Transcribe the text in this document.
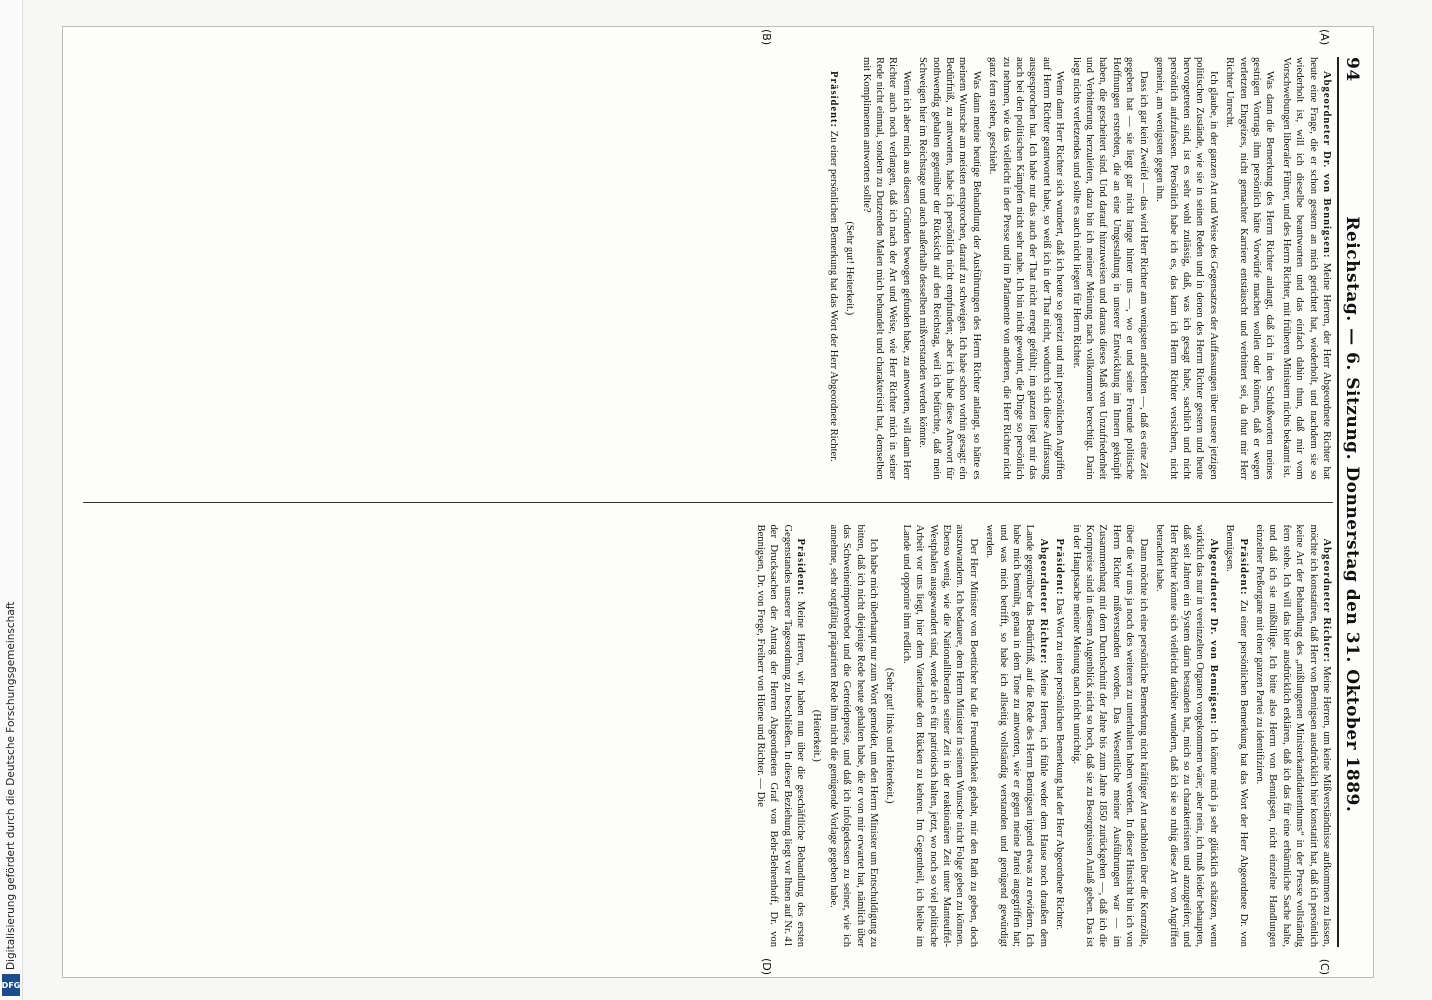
Digitalisierung gefördert durch die Deutsche Forschungsgemeinschaft
DFG
94
Reichstag. — 6. Sitzung. Donnerstag den 31. Oktober 1889.
(A)
(B)

Abgeordneter Dr. von Bennigsen: Meine Herren, der Herr Abgeordnete Richter hat heute eine Frage, die er schon gestern an mich gerichtet hat, wiederholt, und nachdem sie so wiederholt ist, will ich dieselbe beantworten und das einfach dahin thun, daß mir vom Vorschwebungen liberaler Führer, und des Herrn Richter, mit früheren Ministern nichts bekannt ist.

Was dann die Bemerkung des Herrn Richter anlangt, daß ich in den Schlußworten meines gestrigen Vortrags ihm persönlich hätte Vorwürfe machen wollen oder können, daß er wegen verletzten Ehrgeizes, nicht gemachter Karriere entstäuscht und verbittert sei, da thut mir Herr Richter Unrecht.

Ich glaube, in der ganzen Art und Weise des Gegensatzes der Auffassungen über unsere jetzigen politischen Zustände, wie sie in seinen Reden und in denen des Herrn Richter gestern und heute hervorgetreten sind, ist es sehr wohl zulässig, daß, was ich gesagt habe, sachlich und nicht persönlich aufzufassen. Persönlich habe ich es, das kann ich Herrn Richter versichern, nicht gemeint, am wenigsten gegen ihn.

Dass ich gar kein Zweifel — das wird Herr Richter am wenigsten anfechten —, daß es eine Zeit gegeben hat — sie liegt gar nicht lange hinter uns —, wo er und seine Freunde politische Hoffnungen erstrebten, die an eine Umgestaltung in unserer Entwicklung im Innern geknüpft haben, die gescheitert sind. Und darauf hinzuweisen und daraus dieses Maß von Unzufriedenheit und Verbitterung herzuleiten, dazu bin ich meiner Meinung nach vollkommen berechtigt. Darin liegt nichts verletzendes und sollte es auch nicht liegen für Herrn Richter.

Wenn dann Herr Richter sich wundert, daß ich heute so gereizt und mit persönlichen Angriffen auf Herrn Richter geantwortet habe, so weiß ich in der That nicht, wodurch sich diese Auffassung ausgesprochen hat. Ich habe nur das auch der That nicht erregt gefühlt; im ganzen liegt mir das auch bei den politischen Kämpfen nicht sehr nahe. Ich bin nicht gewohnt, die Dinge so persönlich zu nehmen, wie das vielleicht in der Presse und im Parlamente von anderen, die Herr Richter nicht ganz fern stehen, geschieht.

Was dann meine heutige Behandlung der Ausführungen des Herrn Richter anlangt, so hätte es meinem Wunsche am meisten entsprochen, darauf zu schweigen. Ich habe schon vorhin gesagt: ein Bedürfniß, zu antworten, habe ich persönlich nicht empfunden; aber ich habe diese Antwort für nothwendig gehalten gegenüber der Rücksicht auf den Reichstag, weil ich befürchte, daß mein Schweigen hier im Reichstage und auch außerhalb desselben mißverstanden werden könnte.

Wenn ich aber mich aus diesen Gründen bewogen gefunden habe, zu antworten, will dann Herr Richter auch noch verlangen, daß ich nach der Art und Weise, wie Herr Richter mich in seiner Rede nicht einmal, sondern zu Dutzenden Malen mich behandelt und charakterisirt hat, demselben mit Komplimenten antworten sollte?

(Sehr gut! Heiterkeit.)

Präsident: Zu einer persönlichen Bemerkung hat das Wort der Herr Abgeordnete Richter.

(C)
(D)

Abgeordneter Richter: Meine Herren, um keine Mißverständnisse aufkommen zu lassen, möchte ich konstatiren, daß Herr von Bennigsen ausdrücklich hier konstatirt hat, daß ich persönlich keine Art der Behandlung des „mißlungenen Ministerkandidatenthums“ in der Presse vollständig fern stehe. Ich will das hier ausdrücklich erklären, daß ich das für eine erbärmliche Sache halte, und daß ich sie mißbillige. Ich bitte also Herrn von Bennigsen, nicht einzelne Handlungen einzelner Preßorgane mit einer ganzen Partei zu identifiziren.

Präsident: Zu einer persönlichen Bemerkung hat das Wort der Herr Abgeordnete Dr. von Bennigsen.

Abgeordneter Dr. von Bennigsen: Ich könnte mich ja sehr glücklich schätzen, wenn wirklich das nur in vereinzelten Organen vorgekommen wäre; aber nein, ich muß leider behaupten, daß seit Jahren ein System darin bestanden hat, mich so zu charakterisiren und anzugreifen; und Herr Richter könnte sich vielleicht darüber wundern, daß ich sie so ruhig diese Art von Angriffen betrachtet habe.

Dann möchte ich eine persönliche Bemerkung nicht kräftiger Art nachholen über die Kornzölle, über die wir uns ja noch des weiteren zu unterhalten haben werden. In dieser Hinsicht bin ich von Herrn Richter mißverstanden worden. Das Wesentliche meiner Ausführungen war — im Zusammenhang mit dem Durchschnitt der Jahre bis zum Jahre 1850 zurückgehen —, daß ich die Kornpreise sind in diesem Augenblick nicht so hoch, daß sie zu Besorgnissen Anlaß geben. Das ist in der Hauptsache meiner Meinung nach nicht unrichtig.

Präsident: Das Wort zu einer persönlichen Bemerkung hat der Herr Abgeordnete Richter.

Abgeordneter Richter: Meine Herren, ich fühle weder dem Hause noch draußen dem Lande gegenüber das Bedürfniß, auf die Rede des Herrn Bennigsen irgend etwas zu erwidern. Ich habe mich bemüht, genau in dem Tone zu antworten, wie er gegen meine Partei angegriffen hat; und was mich betrifft, so habe ich allseitig vollständig verstanden und genügend gewürdigt werden.

Der Herr Minister von Boetticher hat die Freundlichkeit gehabt, mir den Rath zu geben, doch auszuwandern. Ich bedauere, dem Herrn Minister in seinem Wunsche nicht Folge geben zu können. Ebenso wenig, wie die Nationalliberalen seiner Zeit in der reaktionären Zeit unter Manteuffel-Westphalen ausgewandert sind, werde ich es für patriotisch halten, jetzt, wo noch so viel politische Arbeit vor uns liegt, hier dem Vaterlande den Rücken zu kehren. Im Gegentheil, ich bleibe im Lande und opponire ihm redlich.

(Sehr gut! links und Heiterkeit.)

Ich habe mich überhaupt nur zum Wort gemeldet, um den Herrn Minister um Entschuldigung zu bitten, daß ich nicht diejenige Rede heute gehalten habe, die er von mir erwartet hat, nämlich über das Schweineimportverbot und die Getreidepreise, und daß ich infolgedessen zu seiner, wie ich annehme, sehr sorgfältig präparirten Rede ihm nicht die genügende Vorlage gegeben habe.

(Heiterkeit.)

Präsident: Meine Herren, wir haben nun über die geschäftliche Behandlung des ersten Gegenstandes unserer Tagesordnung zu beschließen. In dieser Beziehung liegt vor Ihnen auf Nr. 41 der Drucksachen der Antrag der Herren Abgeordneten Graf von Behr-Behrenhoff, Dr. von Bennigsen, Dr. von Frege, Freiherr von Hüene und Richter. — Die
